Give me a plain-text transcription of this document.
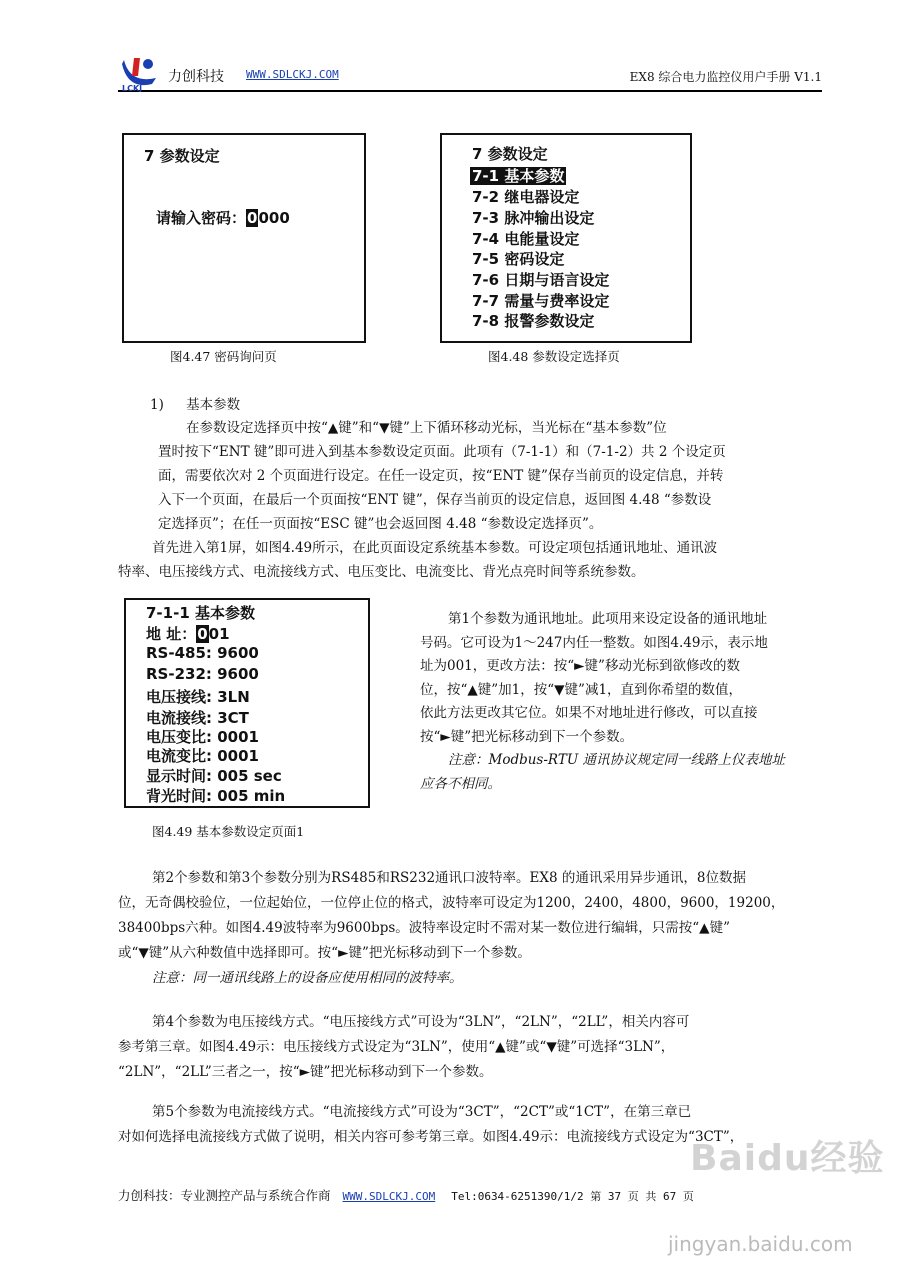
LCKJ
力创科技 WWW.SDLCKJ.COM	EX8 综合电力监控仪用户手册 V1.1
7 参数设定
请输入密码：0000
图4.47 密码询问页
7 参数设定
7-1 基本参数
7-2 继电器设定
7-3 脉冲输出设定
7-4 电能量设定
7-5 密码设定
7-6 日期与语言设定
7-7 需量与费率设定
7-8 报警参数设定
图4.48 参数设定选择页
1) 基本参数
在参数设定选择页中按“▲键”和“▼键”上下循环移动光标，当光标在“基本参数”位
置时按下“ENT 键”即可进入到基本参数设定页面。此项有（7-1-1）和（7-1-2）共 2 个设定页
面，需要依次对 2 个页面进行设定。在任一设定页，按“ENT 键”保存当前页的设定信息，并转
入下一个页面，在最后一个页面按“ENT 键”，保存当前页的设定信息，返回图 4.48 “参数设
定选择页”；在任一页面按“ESC 键”也会返回图 4.48 “参数设定选择页”。
首先进入第1屏，如图4.49所示，在此页面设定系统基本参数。可设定项包括通讯地址、通讯波
特率、电压接线方式、电流接线方式、电压变比、电流变比、背光点亮时间等系统参数。
7-1-1 基本参数
地 址：001
RS-485: 9600
RS-232: 9600
电压接线: 3LN
电流接线: 3CT
电压变比: 0001
电流变比: 0001
显示时间: 005 sec
背光时间: 005 min
图4.49 基本参数设定页面1
第1个参数为通讯地址。此项用来设定设备的通讯地址
号码。它可设为1～247内任一整数。如图4.49示，表示地
址为001，更改方法：按“►键”移动光标到欲修改的数
位，按“▲键”加1，按“▼键”减1，直到你希望的数值，
依此方法更改其它位。如果不对地址进行修改，可以直接
按“►键”把光标移动到下一个参数。
注意：Modbus-RTU 通讯协议规定同一线路上仪表地址
应各不相同。
第2个参数和第3个参数分别为RS485和RS232通讯口波特率。EX8 的通讯采用异步通讯，8位数据
位，无奇偶校验位，一位起始位，一位停止位的格式，波特率可设定为1200，2400，4800，9600，19200，
38400bps六种。如图4.49波特率为9600bps。波特率设定时不需对某一数位进行编辑，只需按“▲键”
或“▼键”从六种数值中选择即可。按“►键”把光标移动到下一个参数。
注意：同一通讯线路上的设备应使用相同的波特率。
第4个参数为电压接线方式。“电压接线方式”可设为“3LN”，“2LN”，“2LL”，相关内容可
参考第三章。如图4.49示：电压接线方式设定为“3LN”，使用“▲键”或“▼键”可选择“3LN”，
“2LN”，“2LL”三者之一，按“►键”把光标移动到下一个参数。
第5个参数为电流接线方式。“电流接线方式”可设为“3CT”，“2CT”或“1CT”，在第三章已
对如何选择电流接线方式做了说明，相关内容可参考第三章。如图4.49示：电流接线方式设定为“3CT”，
力创科技：专业测控产品与系统合作商 WWW.SDLCKJ.COM Tel:0634-6251390/1/2 第 37 页 共 67 页
Baidu经验
jingyan.baidu.com
